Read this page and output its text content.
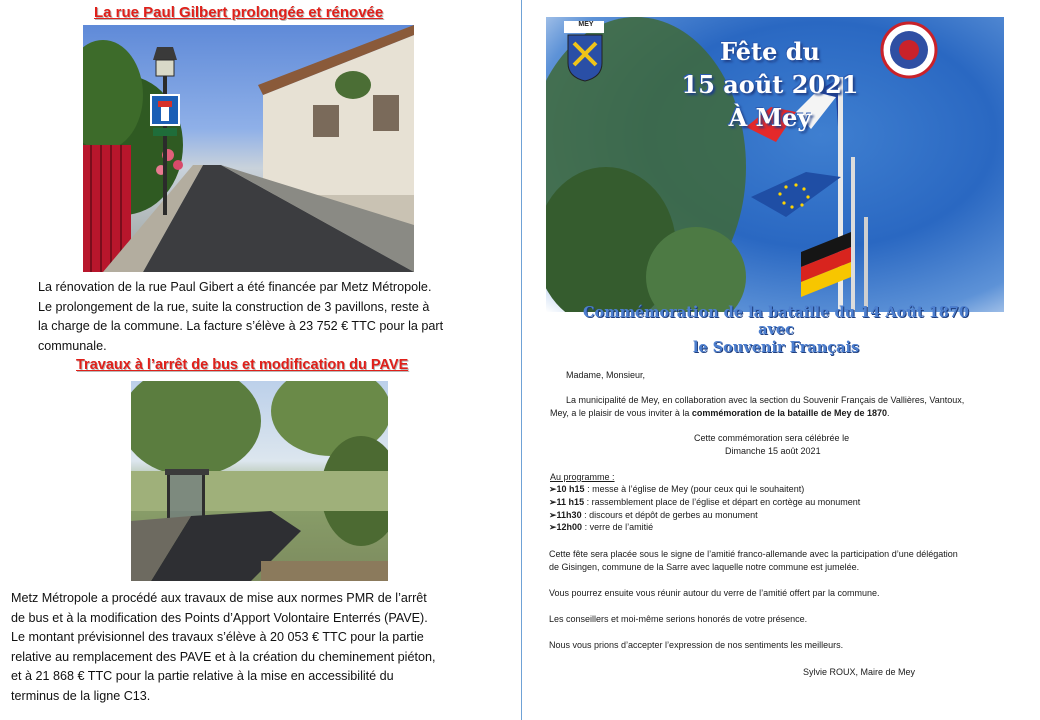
La rue Paul Gilbert prolongée et rénovée

La rénovation de la rue Paul Gibert a été financée par Metz Métropole.

Le prolongement de la rue, suite la construction de 3 pavillons, reste à

la charge de la commune. La facture s’élève à 23 752 € TTC pour la part

communale.

Travaux à l’arrêt de bus et modification du PAVE

Metz Métropole a procédé aux travaux de mise aux normes PMR de l’arrêt

de bus et à la modification des Points d’Apport Volontaire Enterrés (PAVE).

Le montant prévisionnel des travaux s’élève à 20 053 € TTC pour la partie

relative au remplacement des PAVE et à la création du cheminement piéton,

et à 21 868 € TTC pour la partie relative à la mise en accessibilité du

terminus de la ligne C13.

MEY
Fête du
15 août 2021
À Mey
Commémoration de la bataille du 14 Août 1870
avec
le Souvenir Français
Madame, Monsieur,
La municipalité de Mey, en collaboration avec la section du Souvenir Français de Vallières, Vantoux,
Mey, a le plaisir de vous inviter à la commémoration de la bataille de Mey de 1870.
Cette commémoration sera célébrée le
Dimanche 15 août 2021
Au programme :
➢10 h15 : messe à l’église de Mey (pour ceux qui le souhaitent)
➢11 h15 : rassemblement place de l’église et départ en cortège au monument
➢11h30 : discours et dépôt de gerbes au monument
➢12h00 : verre de l’amitié
Cette fête sera placée sous le signe de l’amitié franco-allemande avec la participation d’une délégation
de Gisingen, commune de la Sarre avec laquelle notre commune est jumelée.
Vous pourrez ensuite vous réunir autour du verre de l’amitié offert par la commune.
Les conseillers et moi-même serions honorés de votre présence.
Nous vous prions d’accepter l’expression de nos sentiments les meilleurs.
Sylvie ROUX, Maire de Mey
